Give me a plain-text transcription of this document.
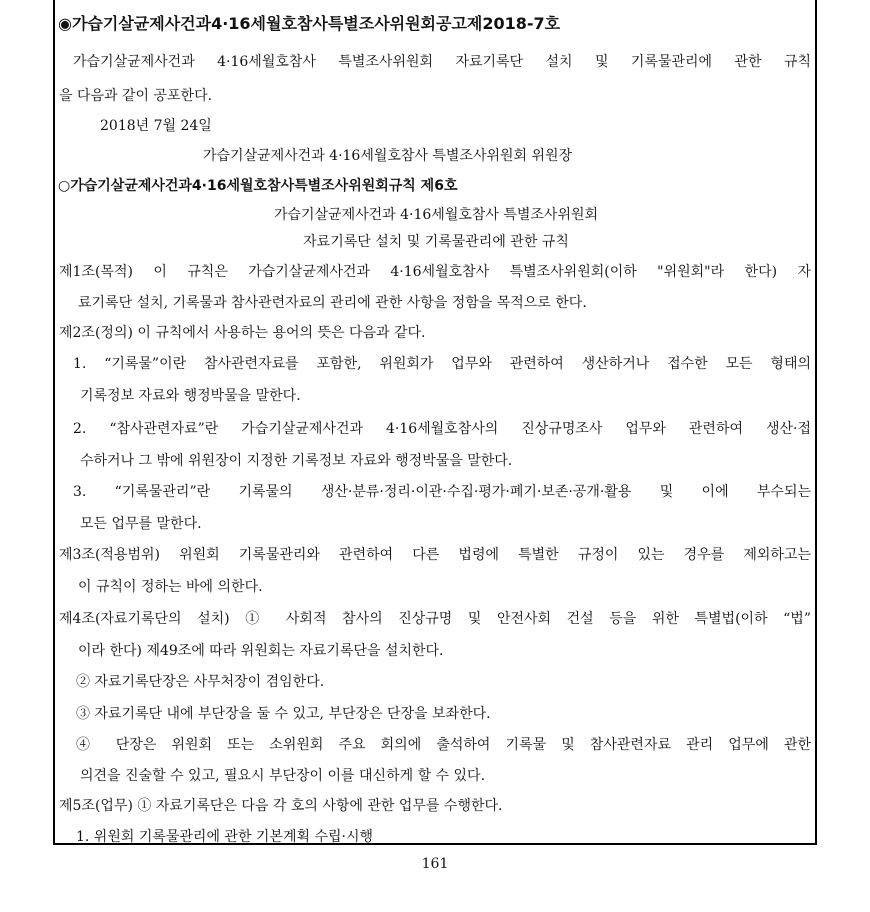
◉가습기살균제사건과4·16세월호참사특별조사위원회공고제2018-7호
가습기살균제사건과 4·16세월호참사 특별조사위원회 자료기록단 설치 및 기록물관리에 관한 규칙
을 다음과 같이 공포한다.
2018년 7월 24일
가습기살균제사건과 4·16세월호참사 특별조사위원회 위원장
○가습기살균제사건과4·16세월호참사특별조사위원회규칙 제6호
가습기살균제사건과 4·16세월호참사 특별조사위원회
자료기록단 설치 및 기록물관리에 관한 규칙
제1조(목적) 이 규칙은 가습기살균제사건과 4·16세월호참사 특별조사위원회(이하 "위원회"라 한다) 자
료기록단 설치, 기록물과 참사관련자료의 관리에 관한 사항을 정함을 목적으로 한다.
제2조(정의) 이 규칙에서 사용하는 용어의 뜻은 다음과 같다.
1. “기록물”이란 참사관련자료를 포함한, 위원회가 업무와 관련하여 생산하거나 접수한 모든 형태의
기록정보 자료와 행정박물을 말한다.
2. “참사관련자료”란 가습기살균제사건과 4·16세월호참사의 진상규명조사 업무와 관련하여 생산·접
수하거나 그 밖에 위원장이 지정한 기록정보 자료와 행정박물을 말한다.
3. “기록물관리”란 기록물의 생산·분류·정리·이관·수집·평가·폐기·보존·공개·활용 및 이에 부수되는
모든 업무를 말한다.
제3조(적용범위) 위원회 기록물관리와 관련하여 다른 법령에 특별한 규정이 있는 경우를 제외하고는
이 규칙이 정하는 바에 의한다.
제4조(자료기록단의 설치) ① 사회적 참사의 진상규명 및 안전사회 건설 등을 위한 특별법(이하 “법”
이라 한다) 제49조에 따라 위원회는 자료기록단을 설치한다.
② 자료기록단장은 사무처장이 겸임한다.
③ 자료기록단 내에 부단장을 둘 수 있고, 부단장은 단장을 보좌한다.
④ 단장은 위원회 또는 소위원회 주요 회의에 출석하여 기록물 및 참사관련자료 관리 업무에 관한
의견을 진술할 수 있고, 필요시 부단장이 이를 대신하게 할 수 있다.
제5조(업무) ① 자료기록단은 다음 각 호의 사항에 관한 업무를 수행한다.
1. 위원회 기록물관리에 관한 기본계획 수립·시행
161
